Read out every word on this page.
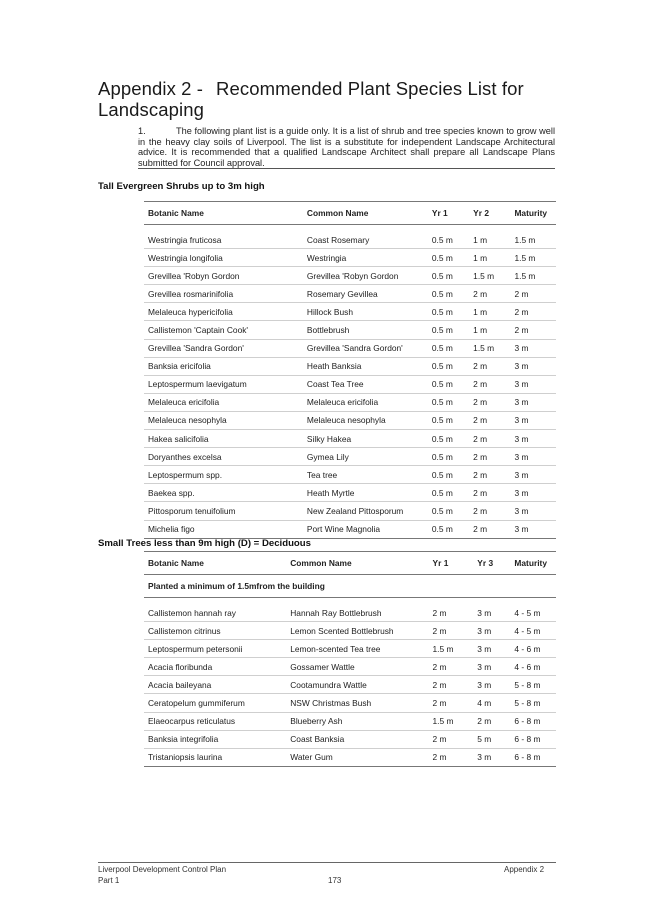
Appendix 2 - Recommended Plant Species List for
Landscaping
1.	The following plant list is a guide only. It is a list of shrub and tree species known to grow well in the heavy clay soils of Liverpool. The list is a substitute for independent Landscape Architectural advice. It is recommended that a qualified Landscape Architect shall prepare all Landscape Plans submitted for Council approval.
Tall Evergreen Shrubs up to 3m high
Botanic Name	Common Name	Yr 1	Yr 2	Maturity

Westringia fruticosa	Coast Rosemary	0.5 m	1 m	1.5 m
Westringia longifolia	Westringia	0.5 m	1 m	1.5 m
Grevillea 'Robyn Gordon	Grevillea 'Robyn Gordon	0.5 m	1.5 m	1.5 m
Grevillea rosmarinifolia	Rosemary Gevillea	0.5 m	2 m	2 m
Melaleuca hypericifolia	Hillock Bush	0.5 m	1 m	2 m
Callistemon 'Captain Cook'	Bottlebrush	0.5 m	1 m	2 m
Grevillea 'Sandra Gordon'	Grevillea 'Sandra Gordon'	0.5 m	1.5 m	3 m
Banksia ericifolia	Heath Banksia	0.5 m	2 m	3 m
Leptospermum laevigatum	Coast Tea Tree	0.5 m	2 m	3 m
Melaleuca ericifolia	Melaleuca ericifolia	0.5 m	2 m	3 m
Melaleuca nesophyla	Melaleuca nesophyla	0.5 m	2 m	3 m
Hakea salicifolia	Silky Hakea	0.5 m	2 m	3 m
Doryanthes excelsa	Gymea Lily	0.5 m	2 m	3 m
Leptospermum spp.	Tea tree	0.5 m	2 m	3 m
Baekea spp.	Heath Myrtle	0.5 m	2 m	3 m
Pittosporum tenuifolium	New Zealand Pittosporum	0.5 m	2 m	3 m
Michelia figo	Port Wine Magnolia	0.5 m	2 m	3 m
Small Trees less than 9m high (D) = Deciduous
Botanic Name	Common Name	Yr 1	Yr 3	Maturity
Planted a minimum of 1.5mfrom the building				

Callistemon hannah ray	Hannah Ray Bottlebrush	2 m	3 m	4 - 5 m
Callistemon citrinus	Lemon Scented Bottlebrush	2 m	3 m	4 - 5 m
Leptospermum petersonii	Lemon-scented Tea tree	1.5 m	3 m	4 - 6 m
Acacia floribunda	Gossamer Wattle	2 m	3 m	4 - 6 m
Acacia baileyana	Cootamundra Wattle	2 m	3 m	5 - 8 m
Ceratopelum gummiferum	NSW Christmas Bush	2 m	4 m	5 - 8 m
Elaeocarpus reticulatus	Blueberry Ash	1.5 m	2 m	6 - 8 m
Banksia integrifolia	Coast Banksia	2 m	5 m	6 - 8 m
Tristaniopsis laurina	Water Gum	2 m	3 m	6 - 8 m
Liverpool Development Control Plan
Part 1	173
Appendix 2
